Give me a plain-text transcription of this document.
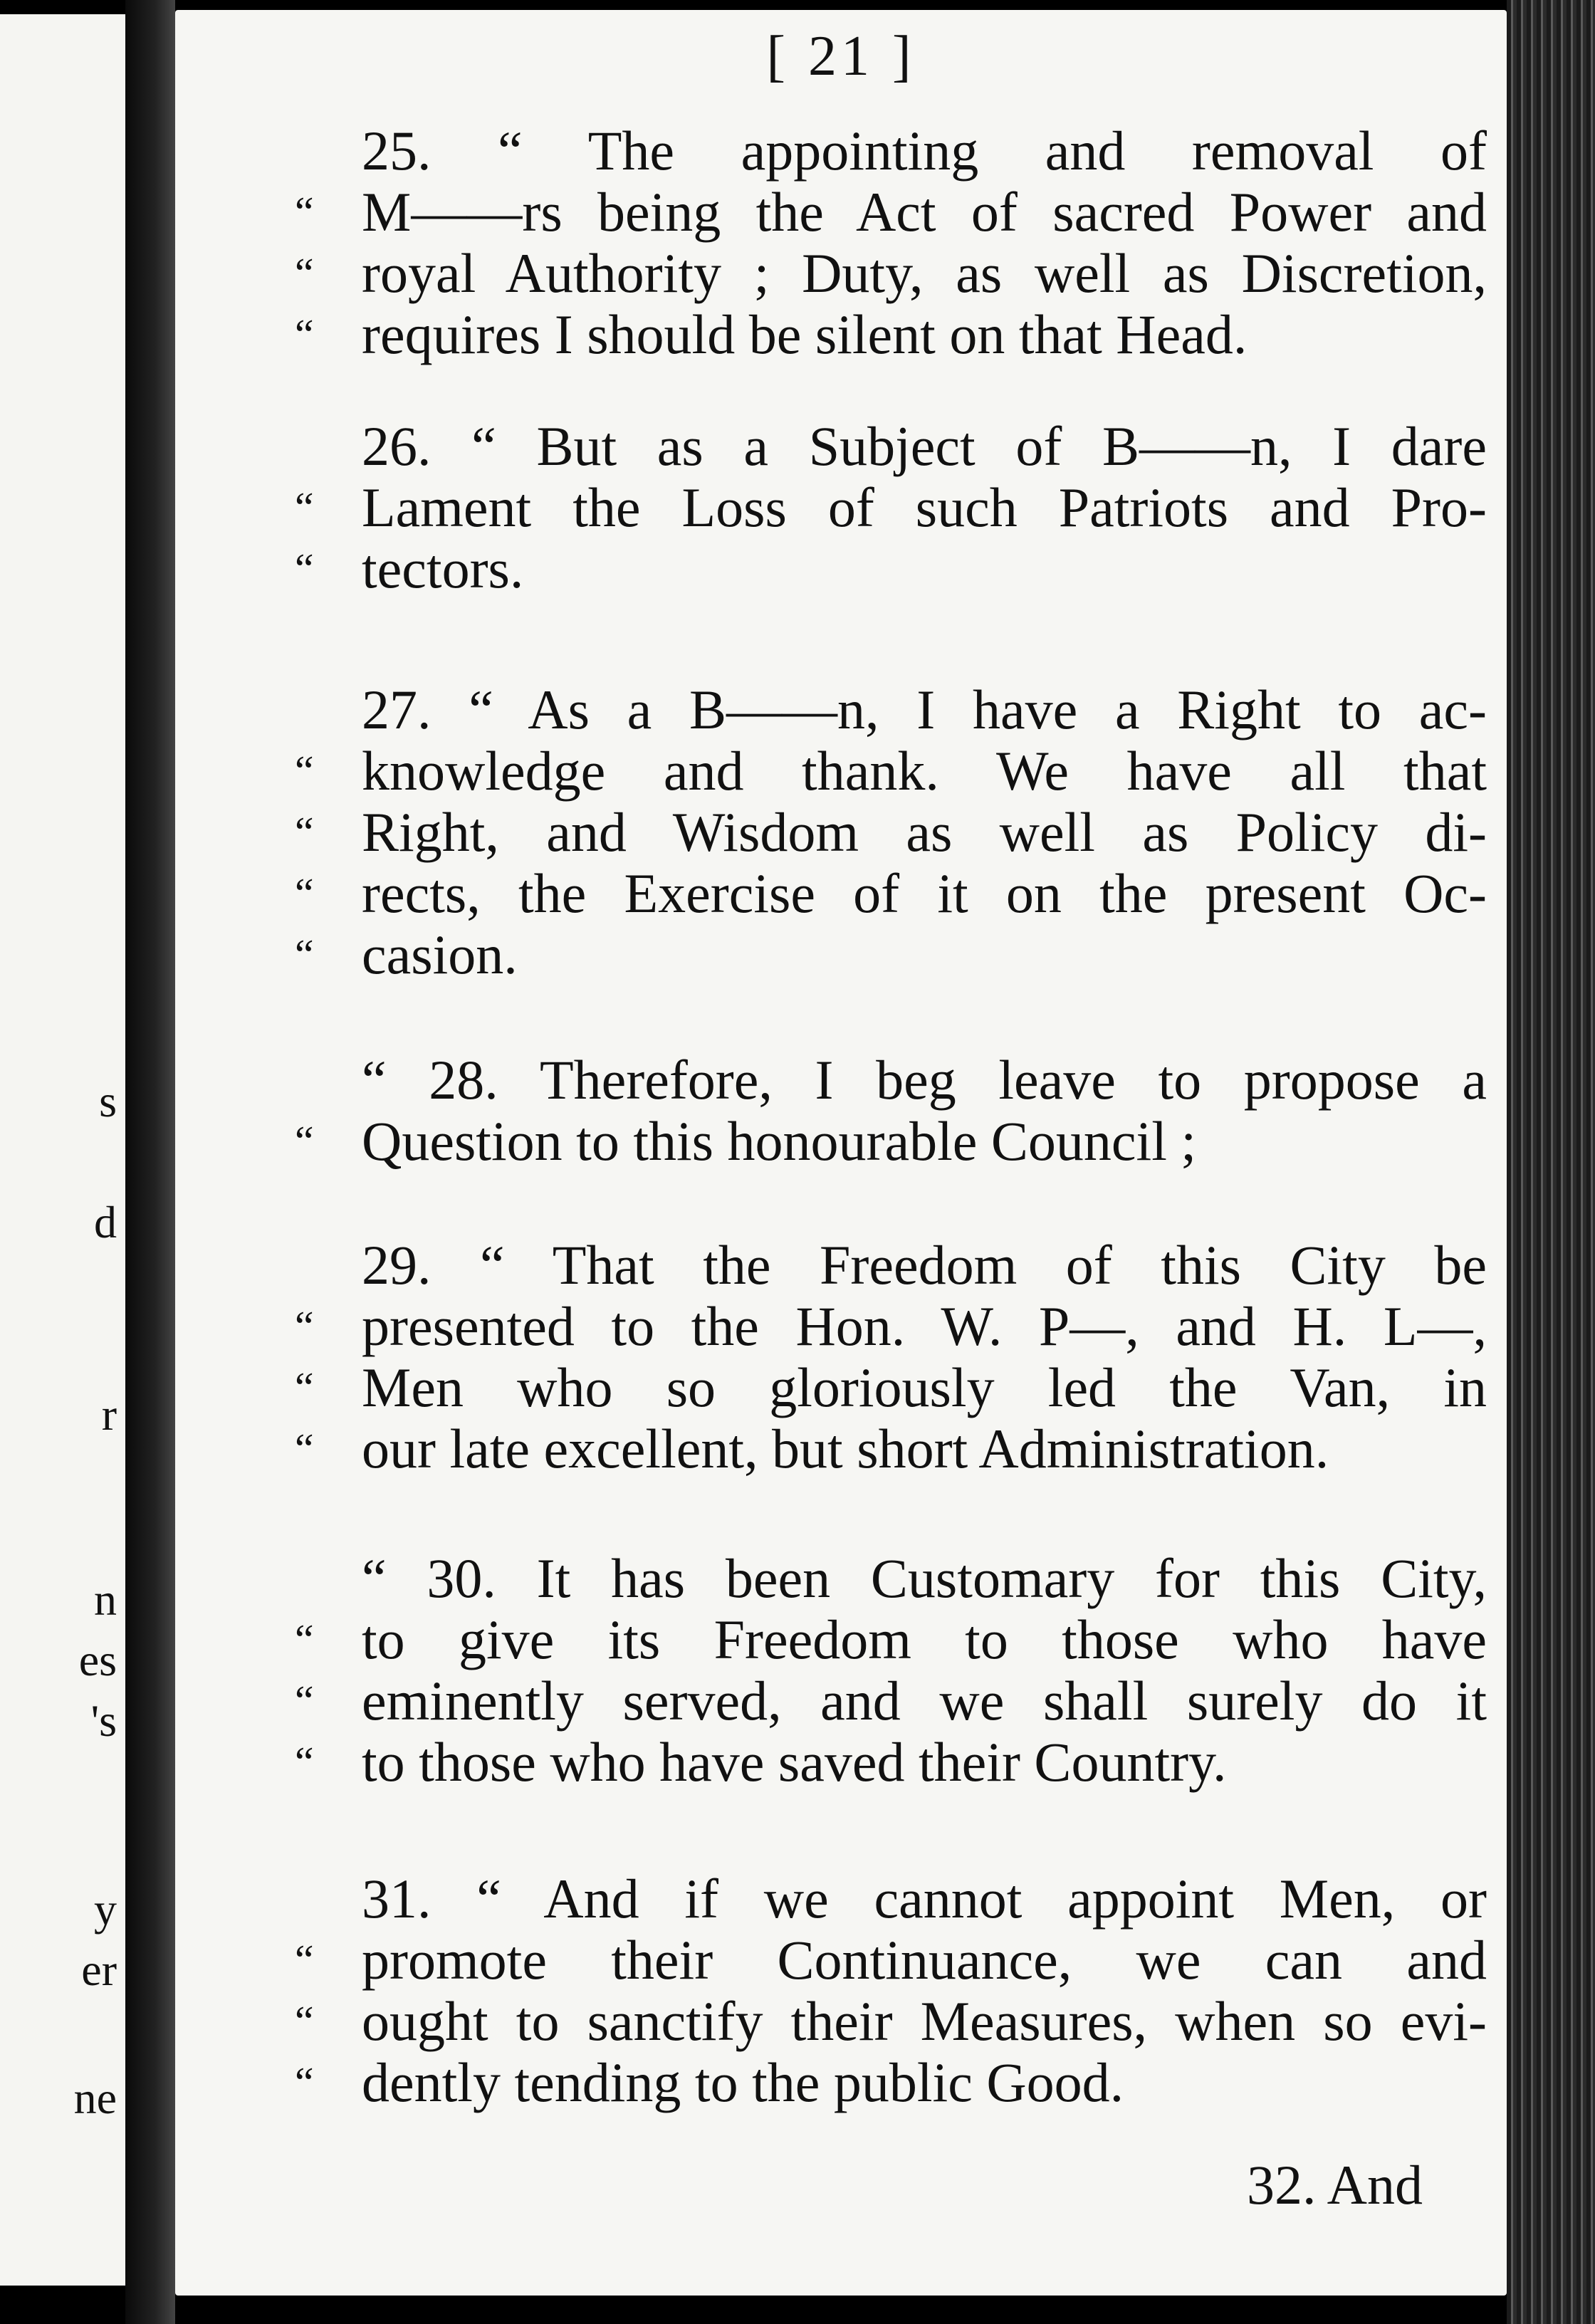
s
d
r
n
es
's
y
er
ne
[ 21 ]
25. “ The appointing and removal of
“ M——rs being the Act of sacred Power and
“ royal Authority ; Duty, as well as Discretion,
“ requires I should be silent on that Head.
26. “ But as a Subject of B——n, I dare
“ Lament the Loss of such Patriots and Pro-
“ tectors.
27. “ As a B——n, I have a Right to ac-
“ knowledge and thank. We have all that
“ Right, and Wisdom as well as Policy di-
“ rects, the Exercise of it on the present Oc-
“ casion.
“ 28. Therefore, I beg leave to propose a
“ Question to this honourable Council ;
29. “ That the Freedom of this City be
“ presented to the Hon. W. P—, and H. L—,
“ Men who so gloriously led the Van, in
“ our late excellent, but short Administration.
“ 30. It has been Customary for this City,
“ to give its Freedom to those who have
“ eminently served, and we shall surely do it
“ to those who have saved their Country.
31. “ And if we cannot appoint Men, or
“ promote their Continuance, we can and
“ ought to sanctify their Measures, when so evi-
“ dently tending to the public Good.
32. And
